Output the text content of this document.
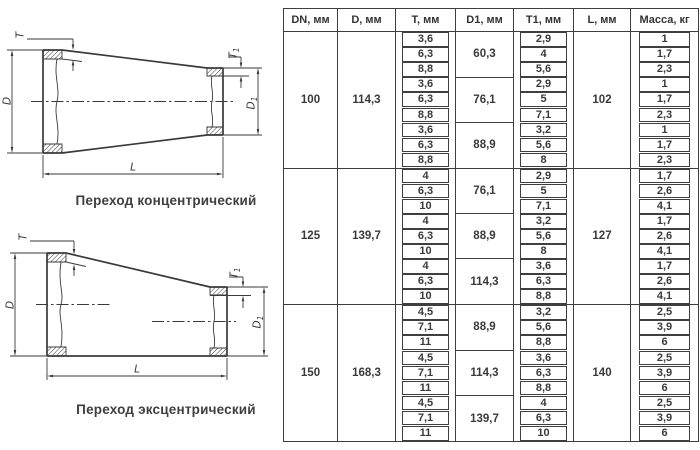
T
D
$T_1$
$D_1$
L
Переход концентрический
T
D
$T_1$
$D_1$
L
Переход эксцентрический
DN, мм	D, мм	T, мм	D1, мм	T1, мм	L, мм	Масса, кг
100	114,3	3,6	60,3	2,9	102	1

		6,3		4		1,7

		8,8		5,6		2,3

		3,6	76,1	2,9		1

		6,3		5		1,7

		8,8		7,1		2,3

		3,6	88,9	3,2		1

		6,3		5,6		1,7

		8,8		8		2,3

125	139,7	4	76,1	2,9	127	1,7

		6,3		5		2,6

		10		7,1		4,1

		4	88,9	3,2		1,7

		6,3		5,6		2,6

		10		8		4,1

		4	114,3	3,6		1,7

		6,3		6,3		2,6

		10		8,8		4,1

150	168,3	4,5	88,9	3,2	140	2,5

		7,1		5,6		3,9

		11		8,8		6

		4,5	114,3	3,6		2,5

		7,1		6,3		3,9

		11		8,8		6

		4,5	139,7	4		2,5

		7,1		6,3		3,9

		11		10		6
